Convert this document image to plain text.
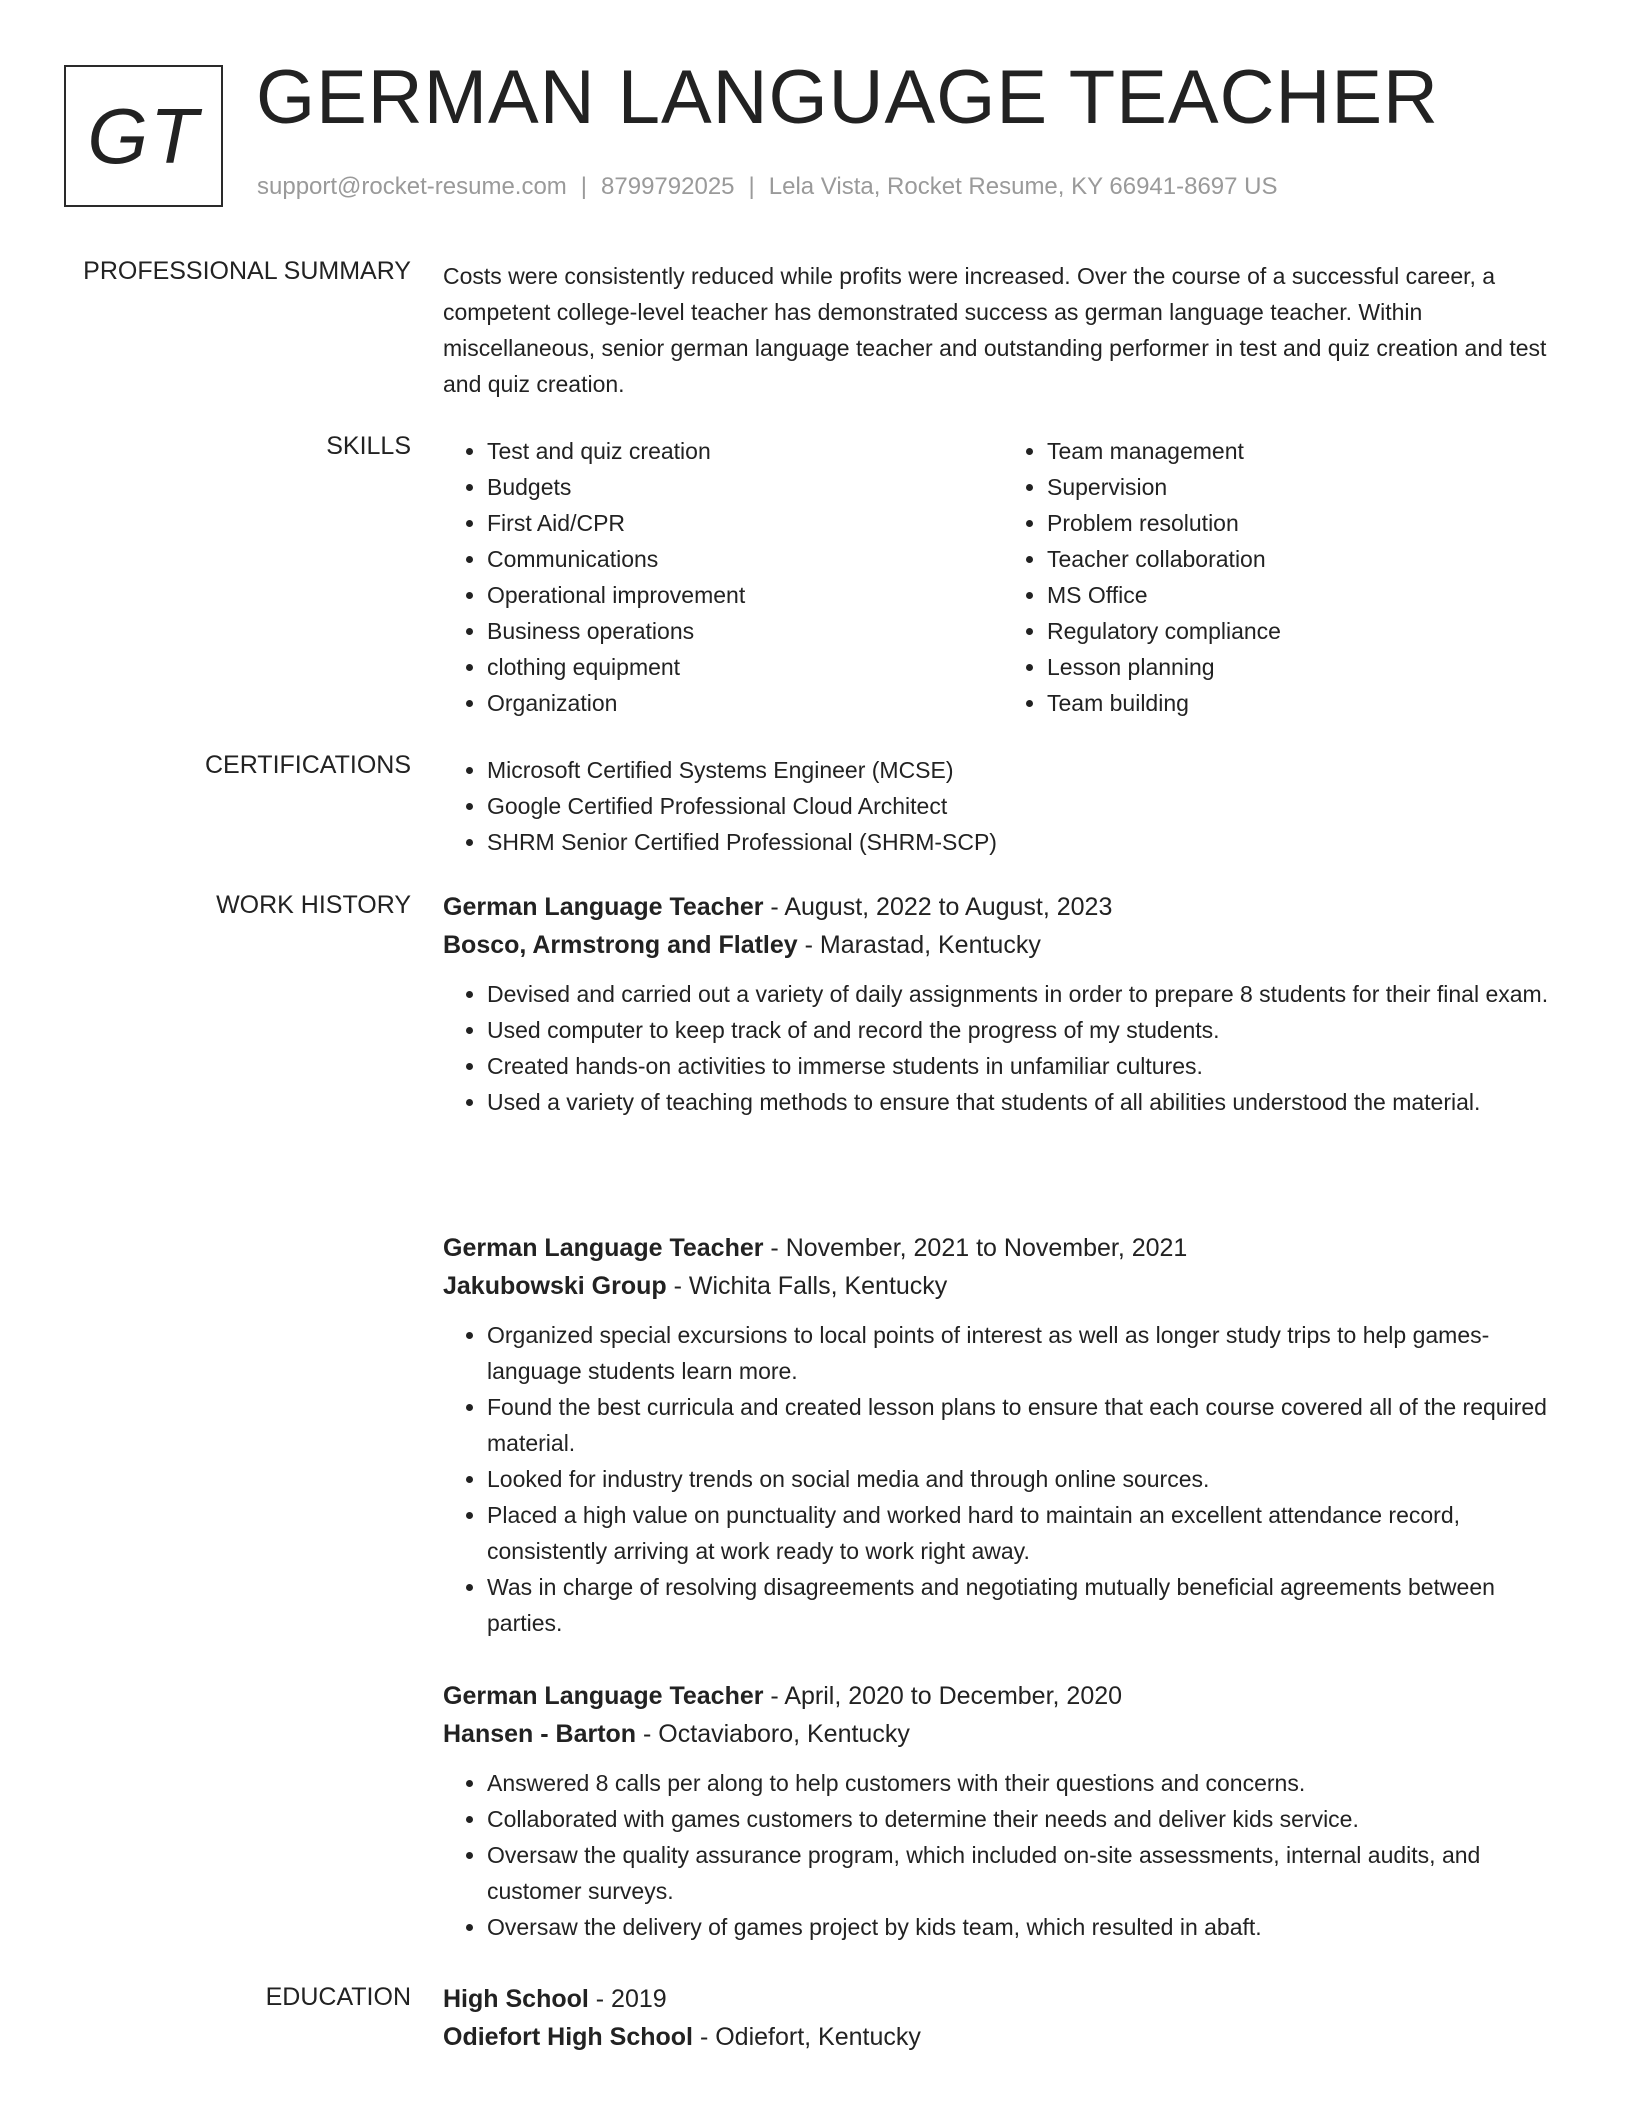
GT GERMAN LANGUAGE TEACHER
support@rocket-resume.com | 8799792025 | Lela Vista, Rocket Resume, KY 66941-8697 US
PROFESSIONAL SUMMARY Costs were consistently reduced while profits were increased. Over the course of a successful career, a competent college-level teacher has demonstrated success as german language teacher. Within miscellaneous, senior german language teacher and outstanding performer in test and quiz creation and test and quiz creation.

SKILLS	• Test and quiz creation
• Budgets
• First Aid/CPR
• Communications
• Operational improvement
• Business operations
• clothing equipment
• Organization
• Team management
• Supervision
• Problem resolution
• Teacher collaboration
• MS Office
• Regulatory compliance
• Lesson planning
• Team building
CERTIFICATIONS	• Microsoft Certified Systems Engineer (MCSE)
• Google Certified Professional Cloud Architect
• SHRM Senior Certified Professional (SHRM-SCP)
WORK HISTORY German Language Teacher - August, 2022 to August, 2023

Bosco, Armstrong and Flatley - Marastad, Kentucky

• Devised and carried out a variety of daily assignments in order to prepare 8 students for their final exam.
• Used computer to keep track of and record the progress of my students.
• Created hands-on activities to immerse students in unfamiliar cultures.
• Used a variety of teaching methods to ensure that students of all abilities understood the material.

German Language Teacher - November, 2021 to November, 2021

Jakubowski Group - Wichita Falls, Kentucky

• Organized special excursions to local points of interest as well as longer study trips to help games-language students learn more.
• Found the best curricula and created lesson plans to ensure that each course covered all of the required material.
• Looked for industry trends on social media and through online sources.
• Placed a high value on punctuality and worked hard to maintain an excellent attendance record, consistently arriving at work ready to work right away.
• Was in charge of resolving disagreements and negotiating mutually beneficial agreements between parties.

German Language Teacher - April, 2020 to December, 2020

Hansen - Barton - Octaviaboro, Kentucky

• Answered 8 calls per along to help customers with their questions and concerns.
• Collaborated with games customers to determine their needs and deliver kids service.
• Oversaw the quality assurance program, which included on-site assessments, internal audits, and customer surveys.
• Oversaw the delivery of games project by kids team, which resulted in abaft.
EDUCATION High School - 2019

Odiefort High School - Odiefort, Kentucky
